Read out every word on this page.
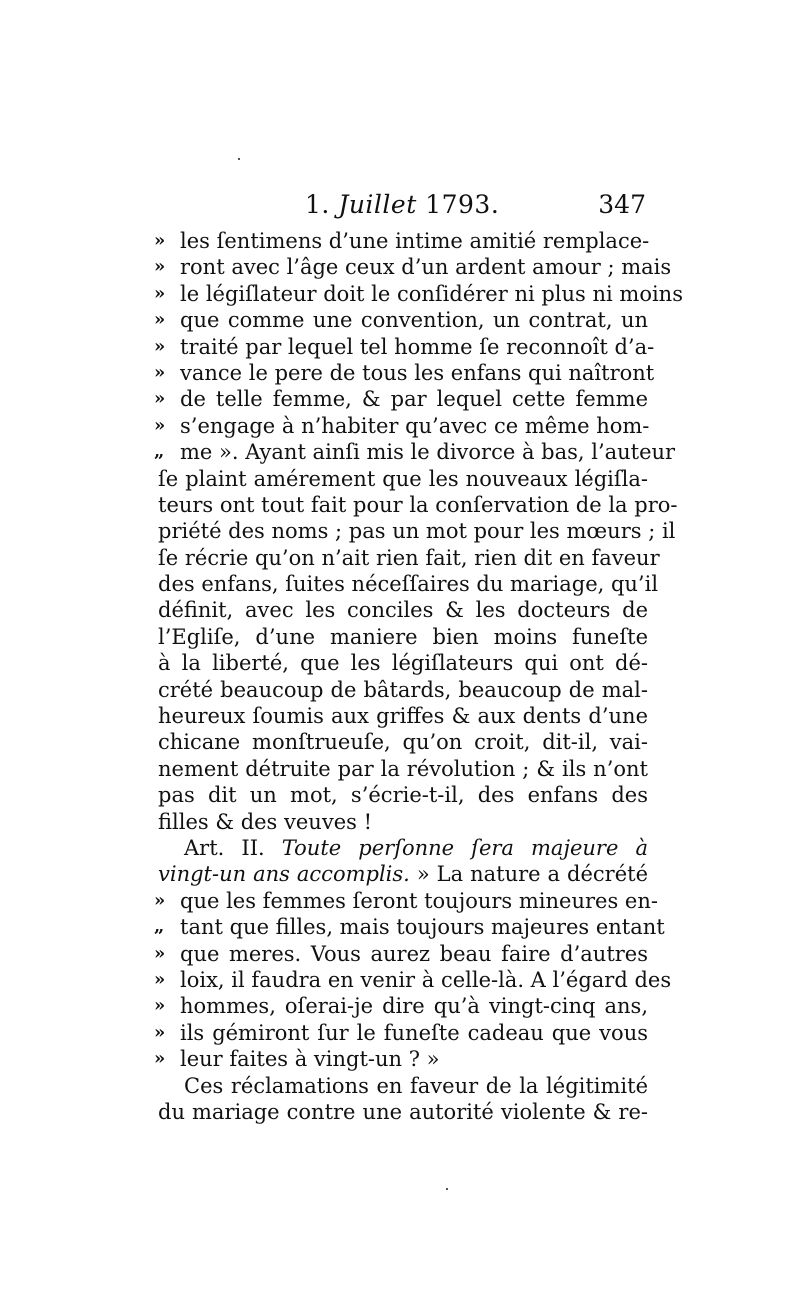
1. Juillet 1793.	347
» les ſentimens d’une intime amitié remplace-
» ront avec l’âge ceux d’un ardent amour ; mais
» le légiſlateur doit le conſidérer ni plus ni moins
» que comme une convention, un contrat, un
» traité par lequel tel homme ſe reconnoît d’a-
» vance le pere de tous les enfans qui naîtront
» de telle femme, & par lequel cette femme
» s’engage à n’habiter qu’avec ce même hom-
„ me ». Ayant ainſi mis le divorce à bas, l’auteur
ſe plaint amérement que les nouveaux légiſla-
teurs ont tout fait pour la conſervation de la pro-
priété des noms ; pas un mot pour les mœurs ; il
ſe récrie qu’on n’ait rien fait, rien dit en faveur
des enfans, ſuites néceſſaires du mariage, qu’il
définit, avec les conciles & les docteurs de
l’Egliſe, d’une maniere bien moins funeſte
à la liberté, que les légiſlateurs qui ont dé-
crété beaucoup de bâtards, beaucoup de mal-
heureux ſoumis aux griffes & aux dents d’une
chicane monſtrueuſe, qu’on croit, dit-il, vai-
nement détruite par la révolution ; & ils n’ont
pas dit un mot, s’écrie-t-il, des enfans des
filles & des veuves !
Art. II. Toute perſonne ſera majeure à
vingt-un ans accomplis. » La nature a décrété
» que les femmes ſeront toujours mineures en-
„ tant que filles, mais toujours majeures entant
» que meres. Vous aurez beau faire d’autres
» loix, il faudra en venir à celle-là. A l’égard des
» hommes, oſerai-je dire qu’à vingt-cinq ans,
» ils gémiront ſur le funeſte cadeau que vous
» leur faites à vingt-un ? »
Ces réclamations en faveur de la légitimité
du mariage contre une autorité violente & re-
